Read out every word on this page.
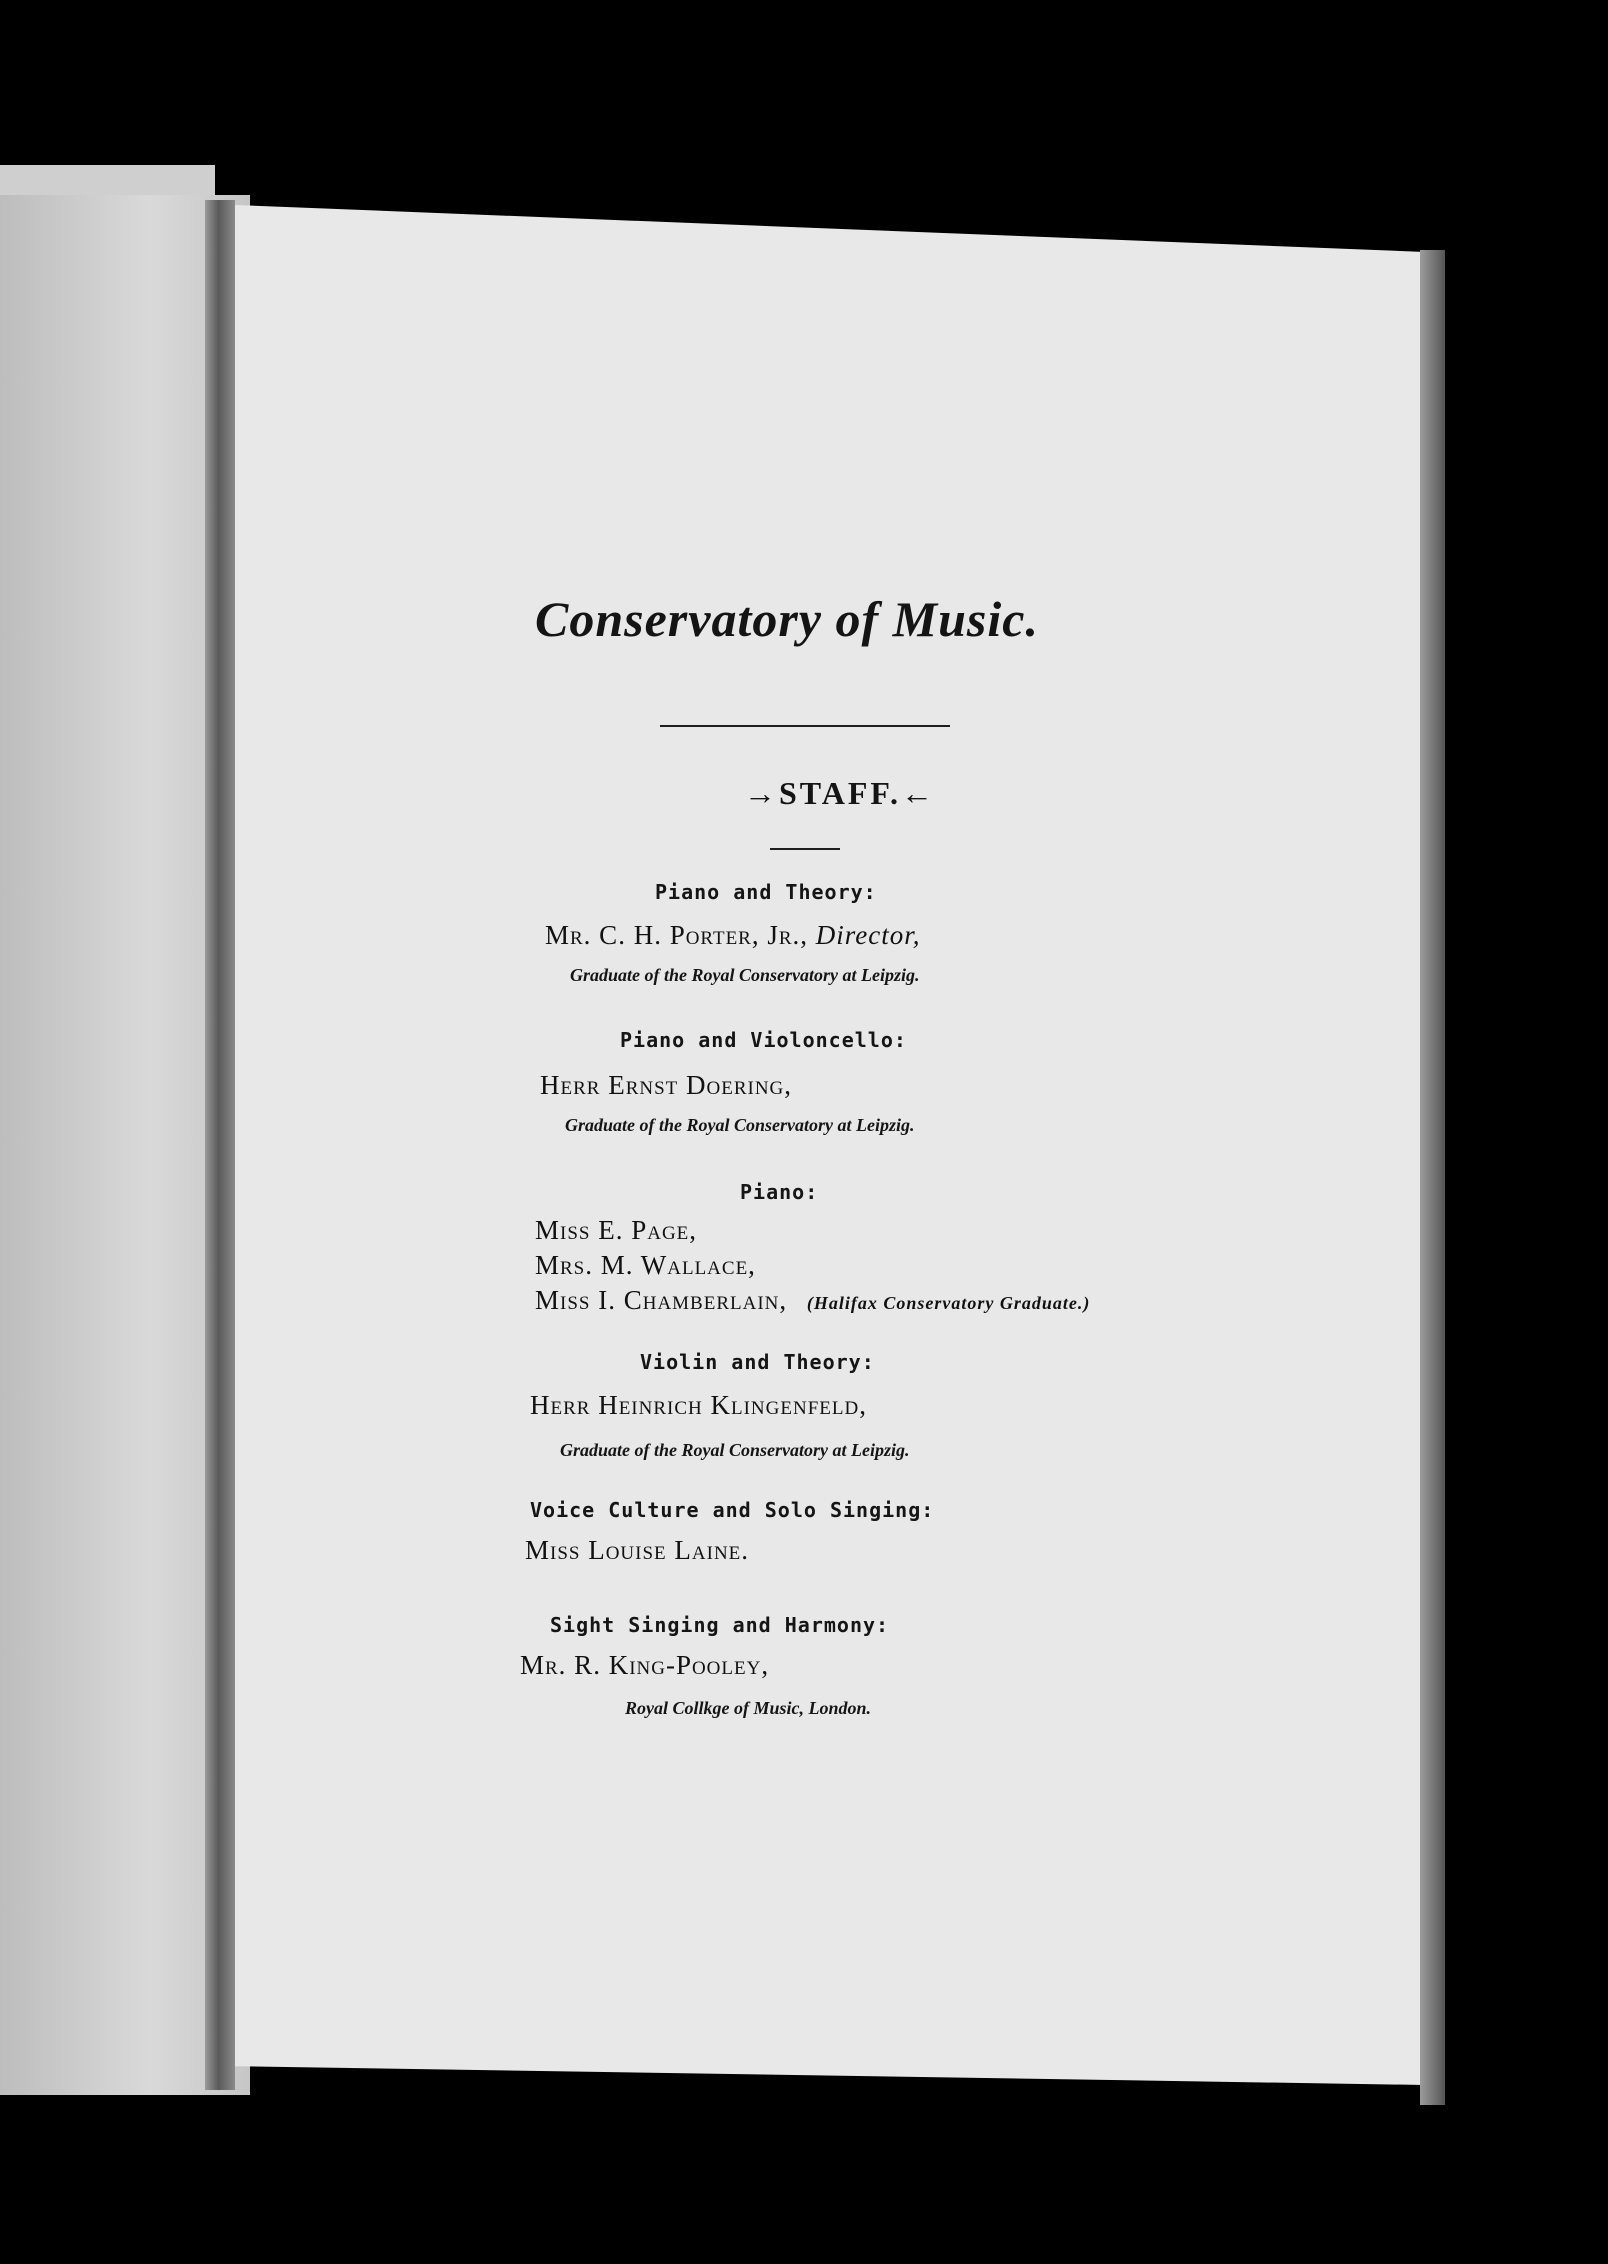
Conservatory of Music.
→STAFF.←
Piano and Theory:
Mr. C. H. Porter, Jr., Director,
Graduate of the Royal Conservatory at Leipzig.
Piano and Violoncello:
Herr Ernst Doering,
Graduate of the Royal Conservatory at Leipzig.
Piano:
Miss E. Page,
Mrs. M. Wallace,
Miss I. Chamberlain, (Halifax Conservatory Graduate.)
Violin and Theory:
Herr Heinrich Klingenfeld,
Graduate of the Royal Conservatory at Leipzig.
Voice Culture and Solo Singing:
Miss Louise Laine.
Sight Singing and Harmony:
Mr. R. King-Pooley,
Royal Collkge of Music, London.
